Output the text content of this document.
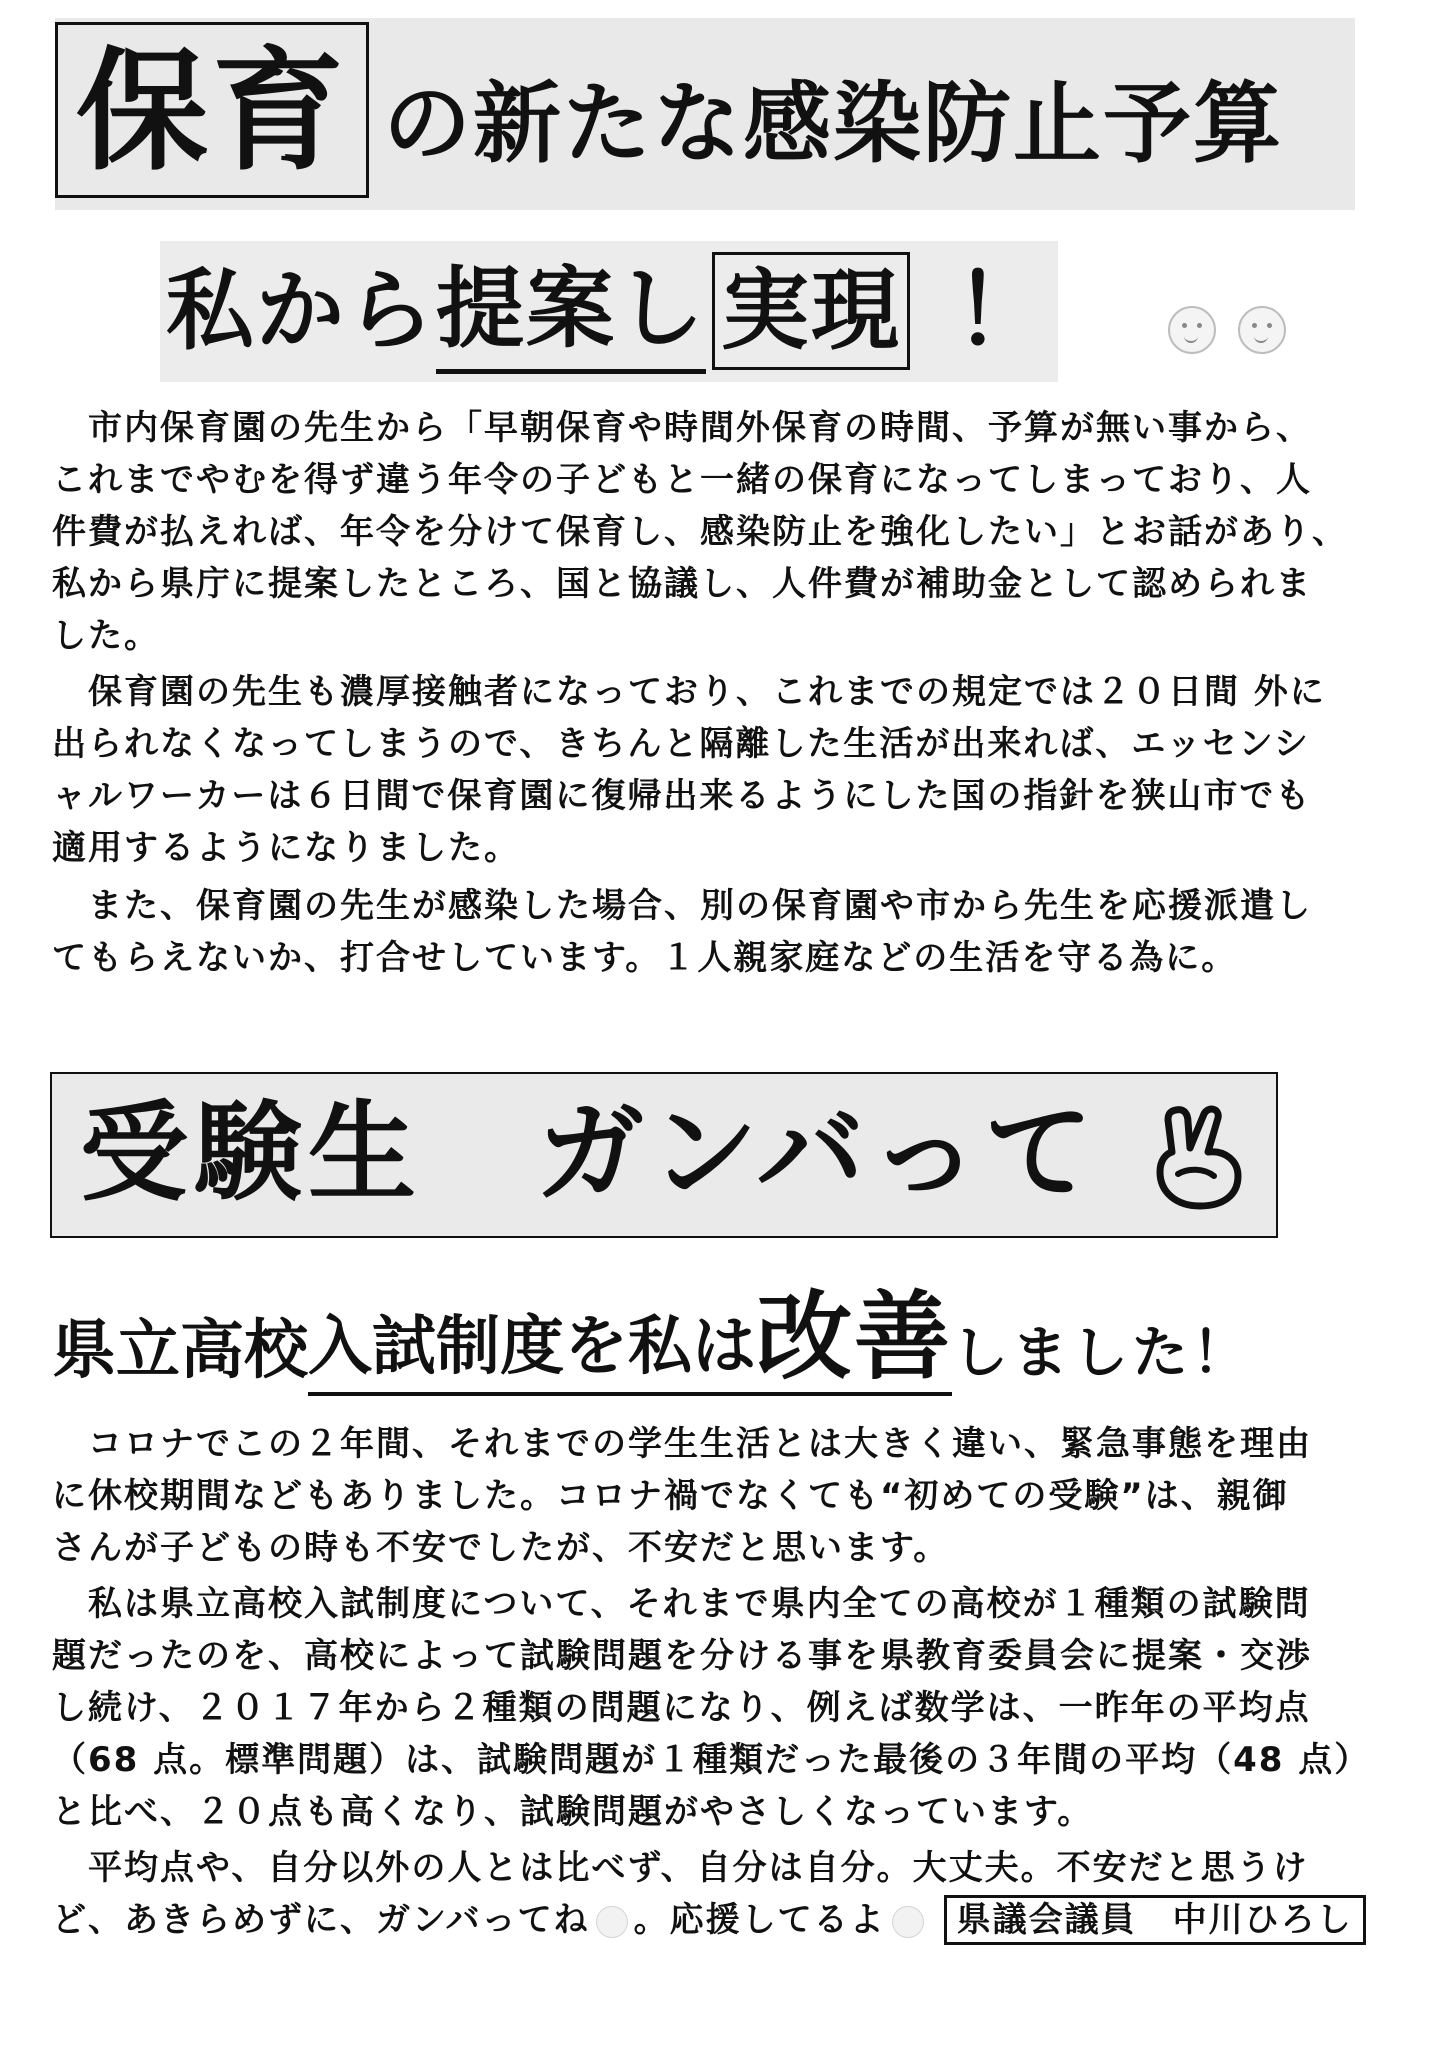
保育 の新たな感染防止予算
私から 提案し 実現 ！
　市内保育園の先生から「早朝保育や時間外保育の時間、予算が無い事から、
これまでやむを得ず違う年令の子どもと一緒の保育になってしまっており、人
件費が払えれば、年令を分けて保育し、感染防止を強化したい」とお話があり、
私から県庁に提案したところ、国と協議し、人件費が補助金として認められま
した。
　保育園の先生も濃厚接触者になっており、これまでの規定では２０日間 外に
出られなくなってしまうので、きちんと隔離した生活が出来れば、エッセンシ
ャルワーカーは６日間で保育園に復帰出来るようにした国の指針を狭山市でも
適用するようになりました。
　また、保育園の先生が感染した場合、別の保育園や市から先生を応援派遣し
てもらえないか、打合せしています。１人親家庭などの生活を守る為に。
受験生　ガンバって
県立高校 入試制度を私は 改善 しました！
　コロナでこの２年間、それまでの学生生活とは大きく違い、緊急事態を理由
に休校期間などもありました。コロナ禍でなくても“初めての受験”は、親御
さんが子どもの時も不安でしたが、不安だと思います。
　私は県立高校入試制度について、それまで県内全ての高校が１種類の試験問
題だったのを、高校によって試験問題を分ける事を県教育委員会に提案・交渉
し続け、２０１７年から２種類の問題になり、例えば数学は、一昨年の平均点
（68 点。標準問題）は、試験問題が１種類だった最後の３年間の平均（48 点）
と比べ、２０点も高くなり、試験問題がやさしくなっています。
　平均点や、自分以外の人とは比べず、自分は自分。大丈夫。不安だと思うけ
ど、あきらめずに、ガンバってね 。応援してるよ 県議会議員　中川ひろし
